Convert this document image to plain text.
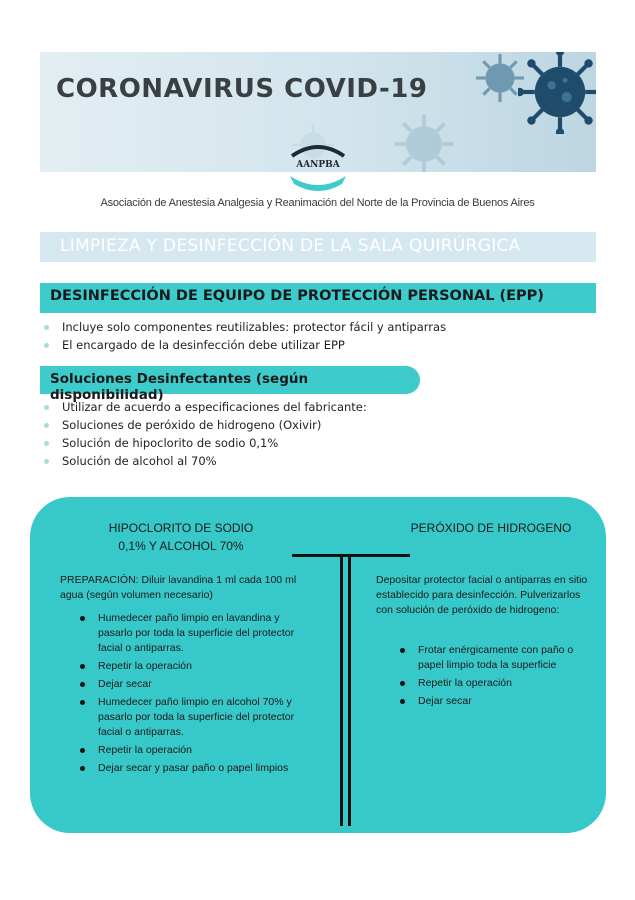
CORONAVIRUS COVID-19
AANPBA
Asociación de Anestesia Analgesia y Reanimación del Norte de la Provincia de Buenos Aires
LIMPIEZA Y DESINFECCIÓN DE LA SALA QUIRÚRGICA
DESINFECCIÓN DE EQUIPO DE PROTECCIÓN PERSONAL (EPP)
Incluye solo componentes reutilizables: protector fácil y antiparras
El encargado de la desinfección debe utilizar EPP
Soluciones Desinfectantes (según disponibilidad)
Utilizar de acuerdo a especificaciones del fabricante:
Soluciones de peróxido de hidrogeno (Oxivir)
Solución de hipoclorito de sodio 0,1%
Solución de alcohol al 70%
HIPOCLORITO DE SODIO
0,1% Y ALCOHOL 70%
PERÓXIDO DE HIDROGENO
PREPARACIÓN: Diluir lavandina 1 ml cada 100 ml agua (según volumen necesario)
Humedecer paño limpio en lavandina y pasarlo por toda la superficie del protector facial o antiparras.
Repetir la operación
Dejar secar
Humedecer paño limpio en alcohol 70% y pasarlo por toda la superficie del protector facial o antiparras.
Repetir la operación
Dejar secar y pasar paño o papel limpios
Depositar protector facial o antiparras en sitio establecido para desinfección. Pulverizarlos con solución de peróxido de hidrogeno:
Frotar enérgicamente con paño o papel limpio toda la superficie
Repetir la operación
Dejar secar
